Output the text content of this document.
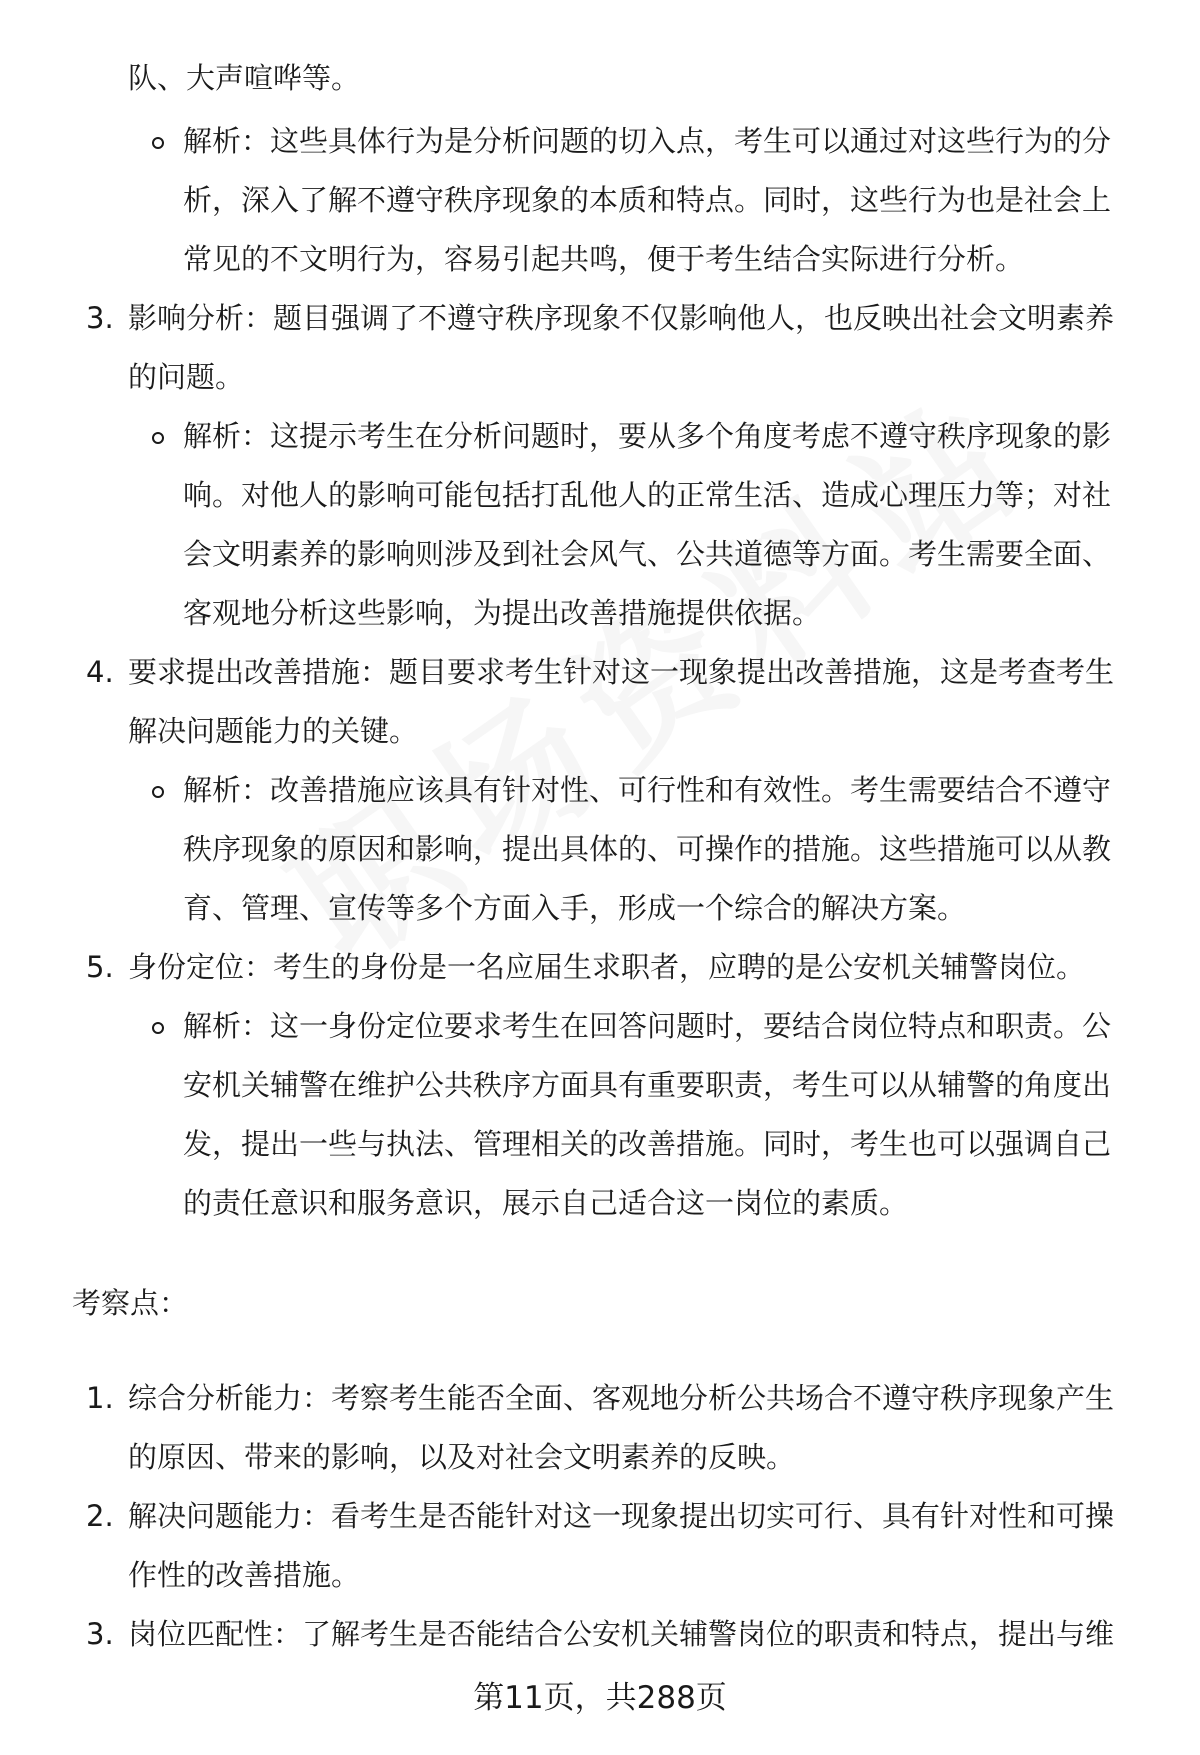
队、大声喧哗等。
解析：这些具体行为是分析问题的切入点，考生可以通过对这些行为的分
析，深入了解不遵守秩序现象的本质和特点。同时，这些行为也是社会上
常见的不文明行为，容易引起共鸣，便于考生结合实际进行分析。
3. 影响分析：题目强调了不遵守秩序现象不仅影响他人，也反映出社会文明素养
的问题。
解析：这提示考生在分析问题时，要从多个角度考虑不遵守秩序现象的影
响。对他人的影响可能包括打乱他人的正常生活、造成心理压力等；对社
会文明素养的影响则涉及到社会风气、公共道德等方面。考生需要全面、
客观地分析这些影响，为提出改善措施提供依据。
4. 要求提出改善措施：题目要求考生针对这一现象提出改善措施，这是考查考生
解决问题能力的关键。
解析：改善措施应该具有针对性、可行性和有效性。考生需要结合不遵守
秩序现象的原因和影响，提出具体的、可操作的措施。这些措施可以从教
育、管理、宣传等多个方面入手，形成一个综合的解决方案。
5. 身份定位：考生的身份是一名应届生求职者，应聘的是公安机关辅警岗位。
解析：这一身份定位要求考生在回答问题时，要结合岗位特点和职责。公
安机关辅警在维护公共秩序方面具有重要职责，考生可以从辅警的角度出
发，提出一些与执法、管理相关的改善措施。同时，考生也可以强调自己
的责任意识和服务意识，展示自己适合这一岗位的素质。
考察点：
1. 综合分析能力：考察考生能否全面、客观地分析公共场合不遵守秩序现象产生
的原因、带来的影响，以及对社会文明素养的反映。
2. 解决问题能力：看考生是否能针对这一现象提出切实可行、具有针对性和可操
作性的改善措施。
3. 岗位匹配性：了解考生是否能结合公安机关辅警岗位的职责和特点，提出与维
第11页，共288页
